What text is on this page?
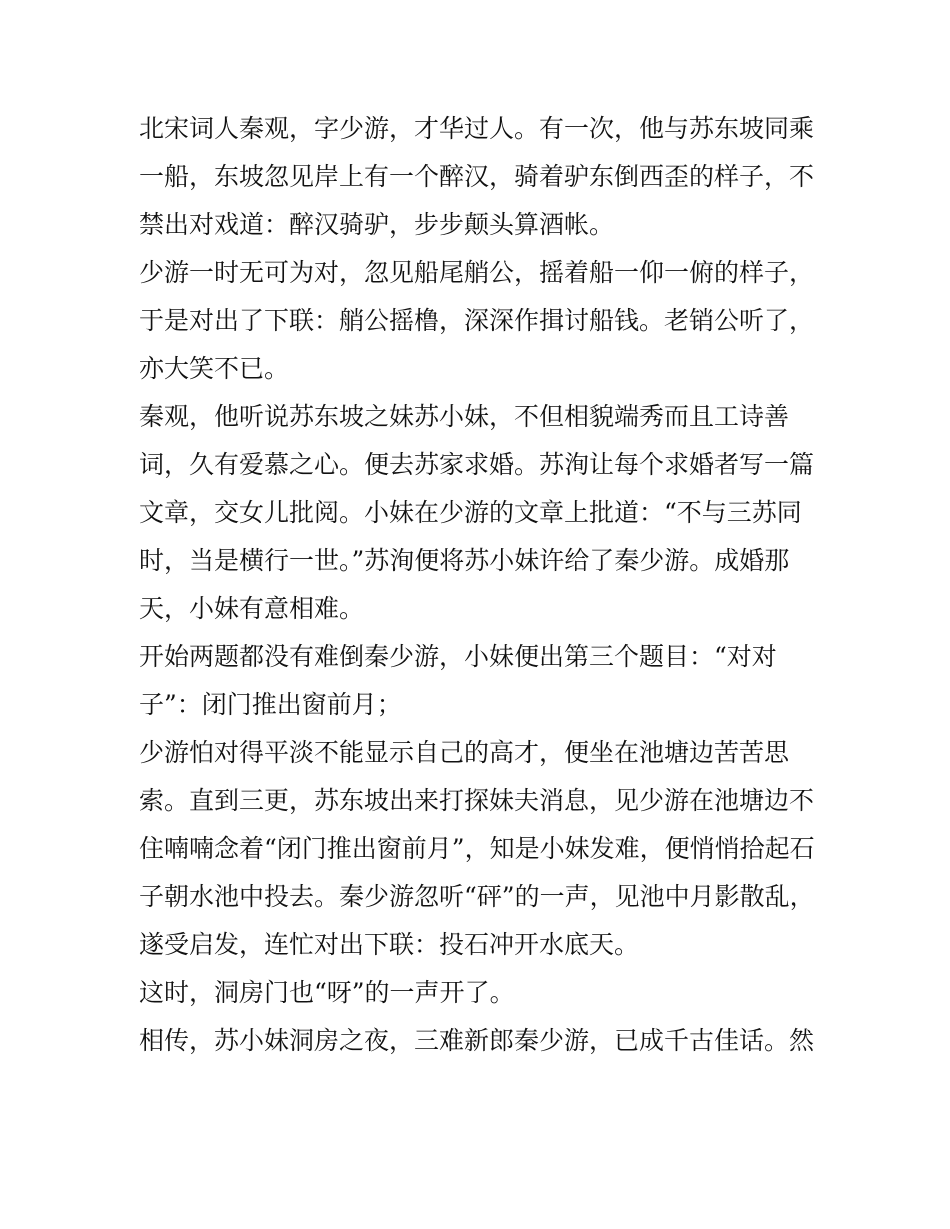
北宋词人秦观，字少游，才华过人。有一次，他与苏东坡同乘
一船，东坡忽见岸上有一个醉汉，骑着驴东倒西歪的样子，不
禁出对戏道：醉汉骑驴，步步颠头算酒帐。
少游一时无可为对，忽见船尾艄公，摇着船一仰一俯的样子，
于是对出了下联：艄公摇橹，深深作揖讨船钱。老销公听了，
亦大笑不已。
秦观，他听说苏东坡之妹苏小妹，不但相貌端秀而且工诗善
词，久有爱慕之心。便去苏家求婚。苏洵让每个求婚者写一篇
文章，交女儿批阅。小妹在少游的文章上批道：“不与三苏同
时，当是横行一世。”苏洵便将苏小妹许给了秦少游。成婚那
天，小妹有意相难。
开始两题都没有难倒秦少游，小妹便出第三个题目：“对对
子”：闭门推出窗前月；
少游怕对得平淡不能显示自己的高才，便坐在池塘边苦苦思
索。直到三更，苏东坡出来打探妹夫消息，见少游在池塘边不
住喃喃念着“闭门推出窗前月”，知是小妹发难，便悄悄拾起石
子朝水池中投去。秦少游忽听“砰”的一声，见池中月影散乱，
遂受启发，连忙对出下联：投石冲开水底天。
这时，洞房门也“呀”的一声开了。
相传，苏小妹洞房之夜，三难新郎秦少游，已成千古佳话。然
